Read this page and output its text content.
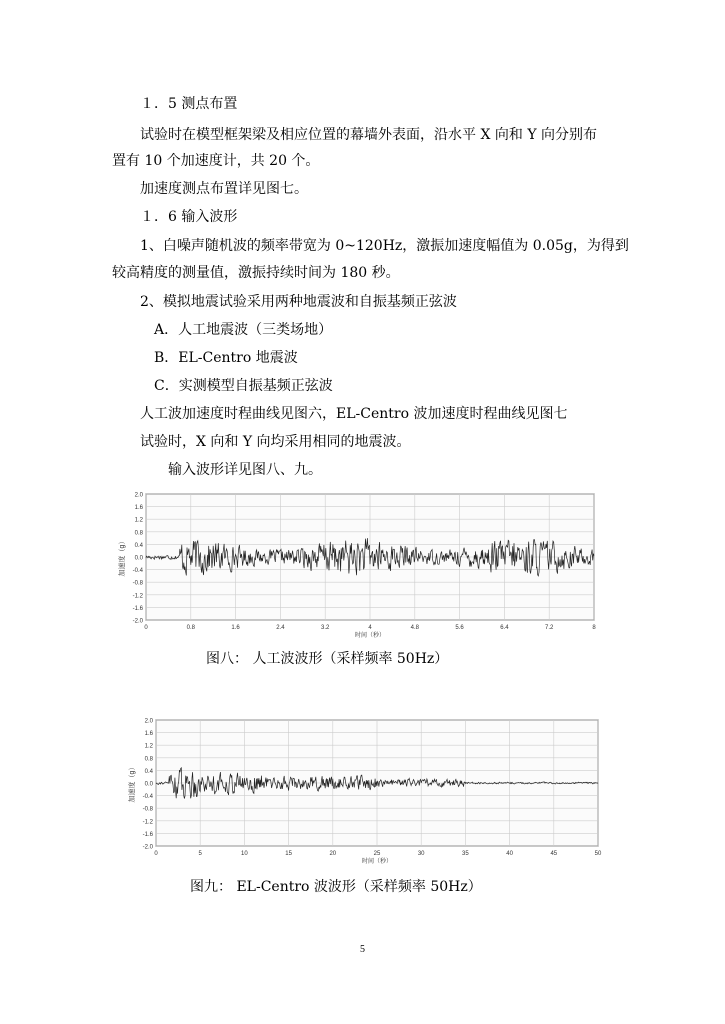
１．5 测点布置
试验时在模型框架梁及相应位置的幕墙外表面，沿水平 X 向和 Y 向分别布
置有 10 个加速度计，共 20 个。
加速度测点布置详见图七。
１．6 输入波形
1、白噪声随机波的频率带宽为 0~120Hz，激振加速度幅值为 0.05g，为得到
较高精度的测量值，激振持续时间为 180 秒。
2、模拟地震试验采用两种地震波和自振基频正弦波
A．人工地震波（三类场地）
B．EL-Centro 地震波
C．实测模型自振基频正弦波
人工波加速度时程曲线见图六，EL-Centro 波加速度时程曲线见图七
试验时，X 向和 Y 向均采用相同的地震波。
输入波形详见图八、九。
2.0
1.6
1.2
0.8
0.4
0.0
-0.4
-0.8
-1.2
-1.6
-2.0
0	0.8	1.6	2.4	3.2	4	4.8	5.6	6.4	7.2	8
加速度（g）
时间（秒）
图八： 人工波波形（采样频率 50Hz）
2.0
1.6
1.2
0.8
0.4
0.0
-0.4
-0.8
-1.2
-1.6
-2.0
0	5	10	15	20	25	30	35	40	45	50
加速度（g）
时间（秒）
图九： EL-Centro 波波形（采样频率 50Hz）
5
